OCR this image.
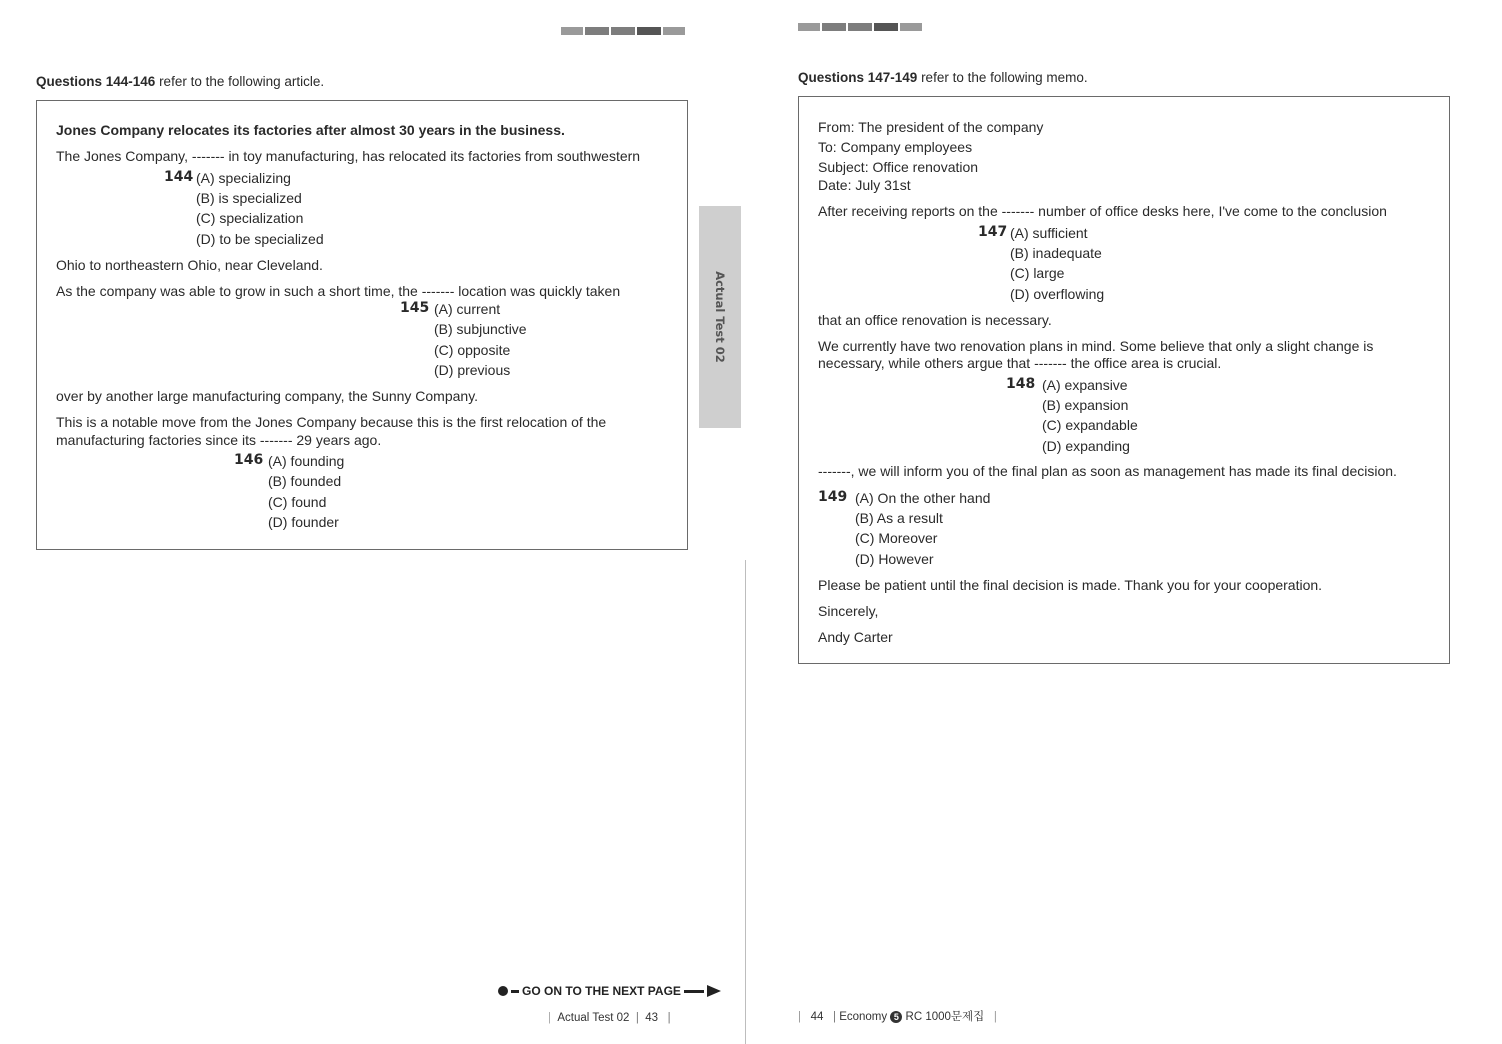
Questions 144-146 refer to the following article.
Jones Company relocates its factories after almost 30 years in the business.
The Jones Company, ------- in toy manufacturing, has relocated its factories from southwestern
144 (A) specializing
(B) is specialized
(C) specialization
(D) to be specialized
Ohio to northeastern Ohio, near Cleveland.
As the company was able to grow in such a short time, the ------- location was quickly taken
145 (A) current
(B) subjunctive
(C) opposite
(D) previous
over by another large manufacturing company, the Sunny Company.
This is a notable move from the Jones Company because this is the first relocation of the
manufacturing factories since its ------- 29 years ago.
146 (A) founding
(B) founded
(C) found
(D) founder
Actual Test 02
GO ON TO THE NEXT PAGE
| Actual Test 02 | 43 |
Questions 147-149 refer to the following memo.
From: The president of the company
To: Company employees
Subject: Office renovation
Date: July 31st
After receiving reports on the ------- number of office desks here, I've come to the conclusion
147 (A) sufficient
(B) inadequate
(C) large
(D) overflowing
that an office renovation is necessary.
We currently have two renovation plans in mind. Some believe that only a slight change is
necessary, while others argue that ------- the office area is crucial.
148 (A) expansive
(B) expansion
(C) expandable
(D) expanding
-------, we will inform you of the final plan as soon as management has made its final decision.
149 (A) On the other hand
(B) As a result
(C) Moreover
(D) However
Please be patient until the final decision is made. Thank you for your cooperation.
Sincerely,
Andy Carter
| 44 | Economy 5 RC 1000문제집 |
